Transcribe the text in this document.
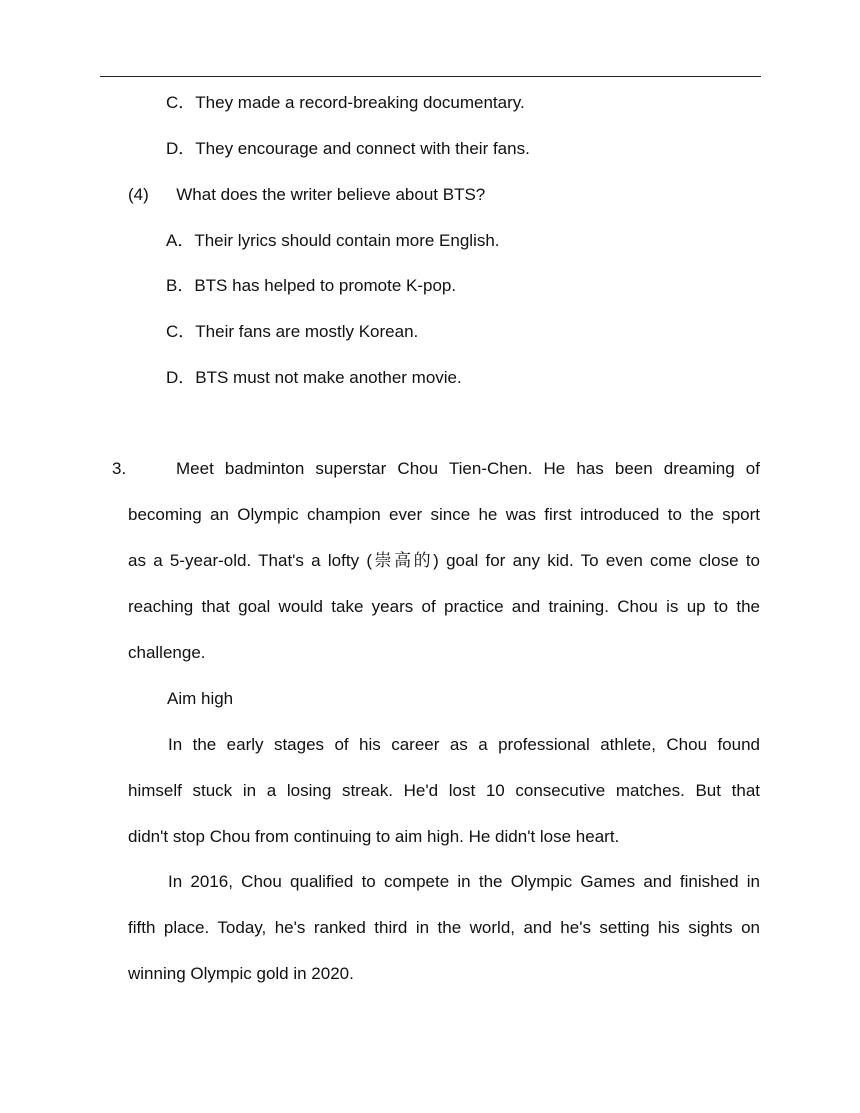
C．They made a record-breaking documentary.
D．They encourage and connect with their fans.
(4) What does the writer believe about BTS?
A．Their lyrics should contain more English.
B．BTS has helped to promote K-pop.
C．Their fans are mostly Korean.
D．BTS must not make another movie.
3.	Meet badminton superstar Chou Tien-Chen. He has been dreaming of
becoming an Olympic champion ever since he was first introduced to the sport
as a 5-year-old. That's a lofty (崇高的) goal for any kid. To even come close to
reaching that goal would take years of practice and training. Chou is up to the
challenge.
Aim high
In the early stages of his career as a professional athlete, Chou found
himself stuck in a losing streak. He'd lost 10 consecutive matches. But that
didn't stop Chou from continuing to aim high. He didn't lose heart.
In 2016, Chou qualified to compete in the Olympic Games and finished in
fifth place. Today, he's ranked third in the world, and he's setting his sights on
winning Olympic gold in 2020.
